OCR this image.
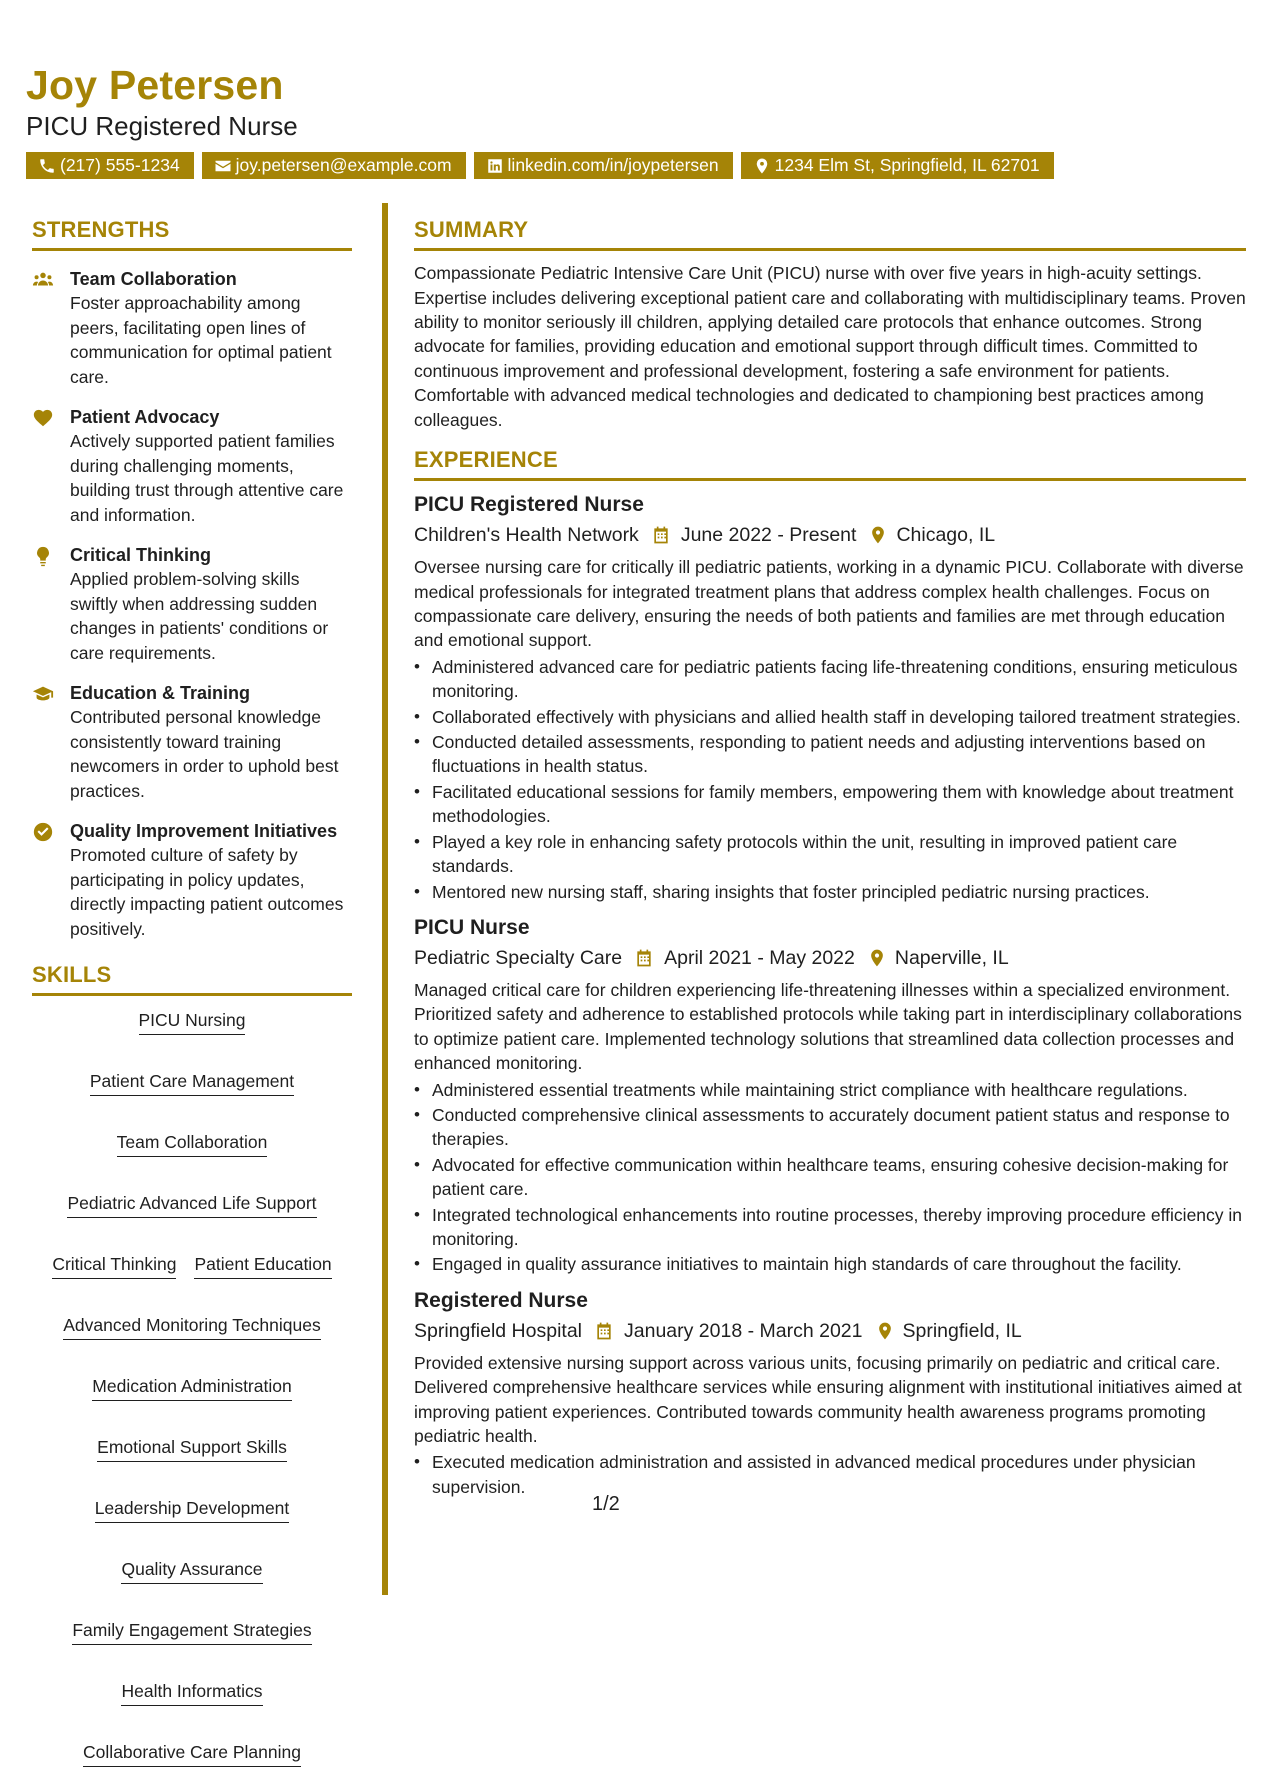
Joy Petersen
PICU Registered Nurse
(217) 555-1234	joy.petersen@example.com	linkedin.com/in/joypetersen	1234 Elm St, Springfield, IL 62701
STRENGTHS
Team Collaboration
Foster approachability among peers, facilitating open lines of communication for optimal patient care.
Patient Advocacy
Actively supported patient families during challenging moments, building trust through attentive care and information.
Critical Thinking
Applied problem-solving skills swiftly when addressing sudden changes in patients' conditions or care requirements.
Education & Training
Contributed personal knowledge consistently toward training newcomers in order to uphold best practices.
Quality Improvement Initiatives
Promoted culture of safety by participating in policy updates, directly impacting patient outcomes positively.
SKILLS
PICU Nursing
Patient Care Management
Team Collaboration
Pediatric Advanced Life Support
Critical Thinking Patient Education
Advanced Monitoring Techniques
Medication Administration
Emotional Support Skills
Leadership Development
Quality Assurance
Family Engagement Strategies
Health Informatics
Collaborative Care Planning
SUMMARY
Compassionate Pediatric Intensive Care Unit (PICU) nurse with over five years in high-acuity settings. Expertise includes delivering exceptional patient care and collaborating with multidisciplinary teams. Proven ability to monitor seriously ill children, applying detailed care protocols that enhance outcomes. Strong advocate for families, providing education and emotional support through difficult times. Committed to continuous improvement and professional development, fostering a safe environment for patients. Comfortable with advanced medical technologies and dedicated to championing best practices among colleagues.
EXPERIENCE
PICU Registered Nurse
Children's Health Network June 2022 - Present Chicago, IL
Oversee nursing care for critically ill pediatric patients, working in a dynamic PICU. Collaborate with diverse medical professionals for integrated treatment plans that address complex health challenges. Focus on compassionate care delivery, ensuring the needs of both patients and families are met through education and emotional support.
• Administered advanced care for pediatric patients facing life-threatening conditions, ensuring meticulous monitoring.
• Collaborated effectively with physicians and allied health staff in developing tailored treatment strategies.
• Conducted detailed assessments, responding to patient needs and adjusting interventions based on fluctuations in health status.
• Facilitated educational sessions for family members, empowering them with knowledge about treatment methodologies.
• Played a key role in enhancing safety protocols within the unit, resulting in improved patient care standards.
• Mentored new nursing staff, sharing insights that foster principled pediatric nursing practices.
PICU Nurse
Pediatric Specialty Care April 2021 - May 2022 Naperville, IL
Managed critical care for children experiencing life-threatening illnesses within a specialized environment. Prioritized safety and adherence to established protocols while taking part in interdisciplinary collaborations to optimize patient care. Implemented technology solutions that streamlined data collection processes and enhanced monitoring.
• Administered essential treatments while maintaining strict compliance with healthcare regulations.
• Conducted comprehensive clinical assessments to accurately document patient status and response to therapies.
• Advocated for effective communication within healthcare teams, ensuring cohesive decision-making for patient care.
• Integrated technological enhancements into routine processes, thereby improving procedure efficiency in monitoring.
• Engaged in quality assurance initiatives to maintain high standards of care throughout the facility.
Registered Nurse
Springfield Hospital January 2018 - March 2021 Springfield, IL
Provided extensive nursing support across various units, focusing primarily on pediatric and critical care. Delivered comprehensive healthcare services while ensuring alignment with institutional initiatives aimed at improving patient experiences. Contributed towards community health awareness programs promoting pediatric health.
• Executed medication administration and assisted in advanced medical procedures under physician supervision.
1/2
